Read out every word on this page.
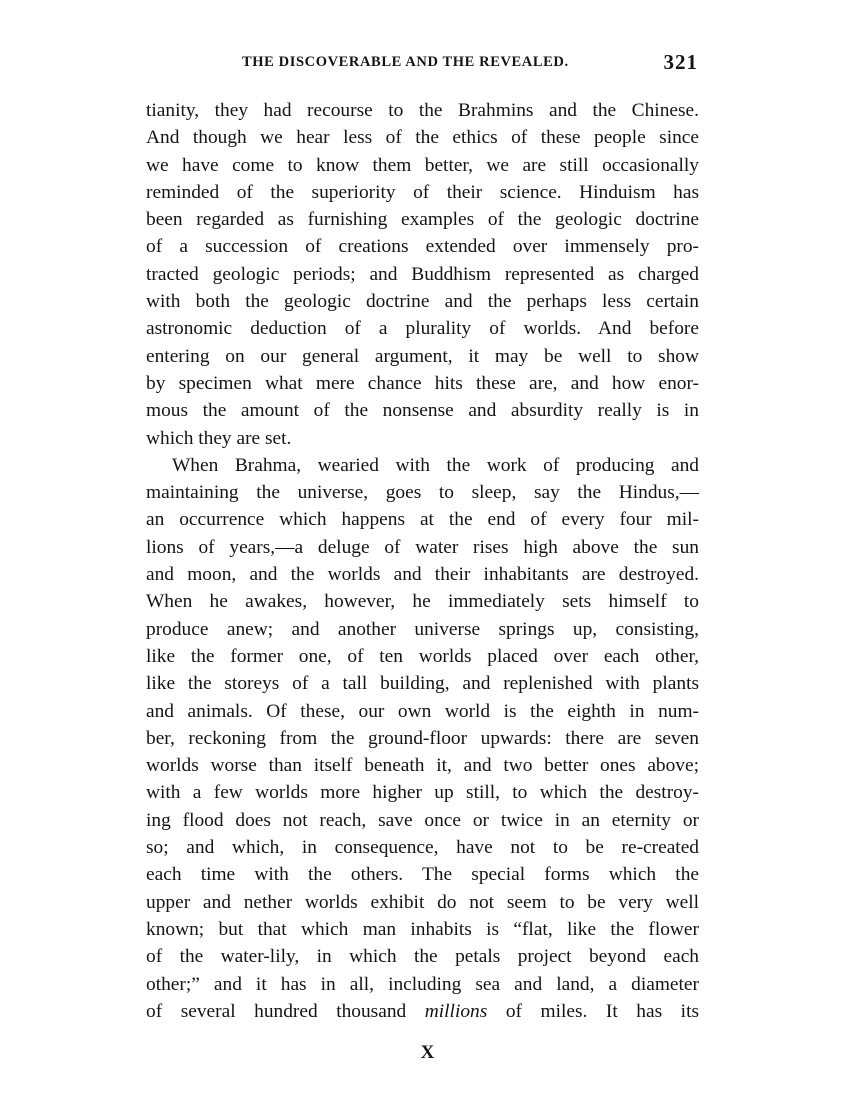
THE DISCOVERABLE AND THE REVEALED.	321
tianity, they had recourse to the Brahmins and the Chinese.
And though we hear less of the ethics of these people since
we have come to know them better, we are still occasionally
reminded of the superiority of their science. Hinduism has
been regarded as furnishing examples of the geologic doctrine
of a succession of creations extended over immensely pro-
tracted geologic periods; and Buddhism represented as charged
with both the geologic doctrine and the perhaps less certain
astronomic deduction of a plurality of worlds. And before
entering on our general argument, it may be well to show
by specimen what mere chance hits these are, and how enor-
mous the amount of the nonsense and absurdity really is in
which they are set.
When Brahma, wearied with the work of producing and
maintaining the universe, goes to sleep, say the Hindus,—
an occurrence which happens at the end of every four mil-
lions of years,—a deluge of water rises high above the sun
and moon, and the worlds and their inhabitants are destroyed.
When he awakes, however, he immediately sets himself to
produce anew; and another universe springs up, consisting,
like the former one, of ten worlds placed over each other,
like the storeys of a tall building, and replenished with plants
and animals. Of these, our own world is the eighth in num-
ber, reckoning from the ground-floor upwards: there are seven
worlds worse than itself beneath it, and two better ones above;
with a few worlds more higher up still, to which the destroy-
ing flood does not reach, save once or twice in an eternity or
so; and which, in consequence, have not to be re-created
each time with the others. The special forms which the
upper and nether worlds exhibit do not seem to be very well
known; but that which man inhabits is “flat, like the flower
of the water-lily, in which the petals project beyond each
other;” and it has in all, including sea and land, a diameter
of several hundred thousand millions of miles. It has its
X
